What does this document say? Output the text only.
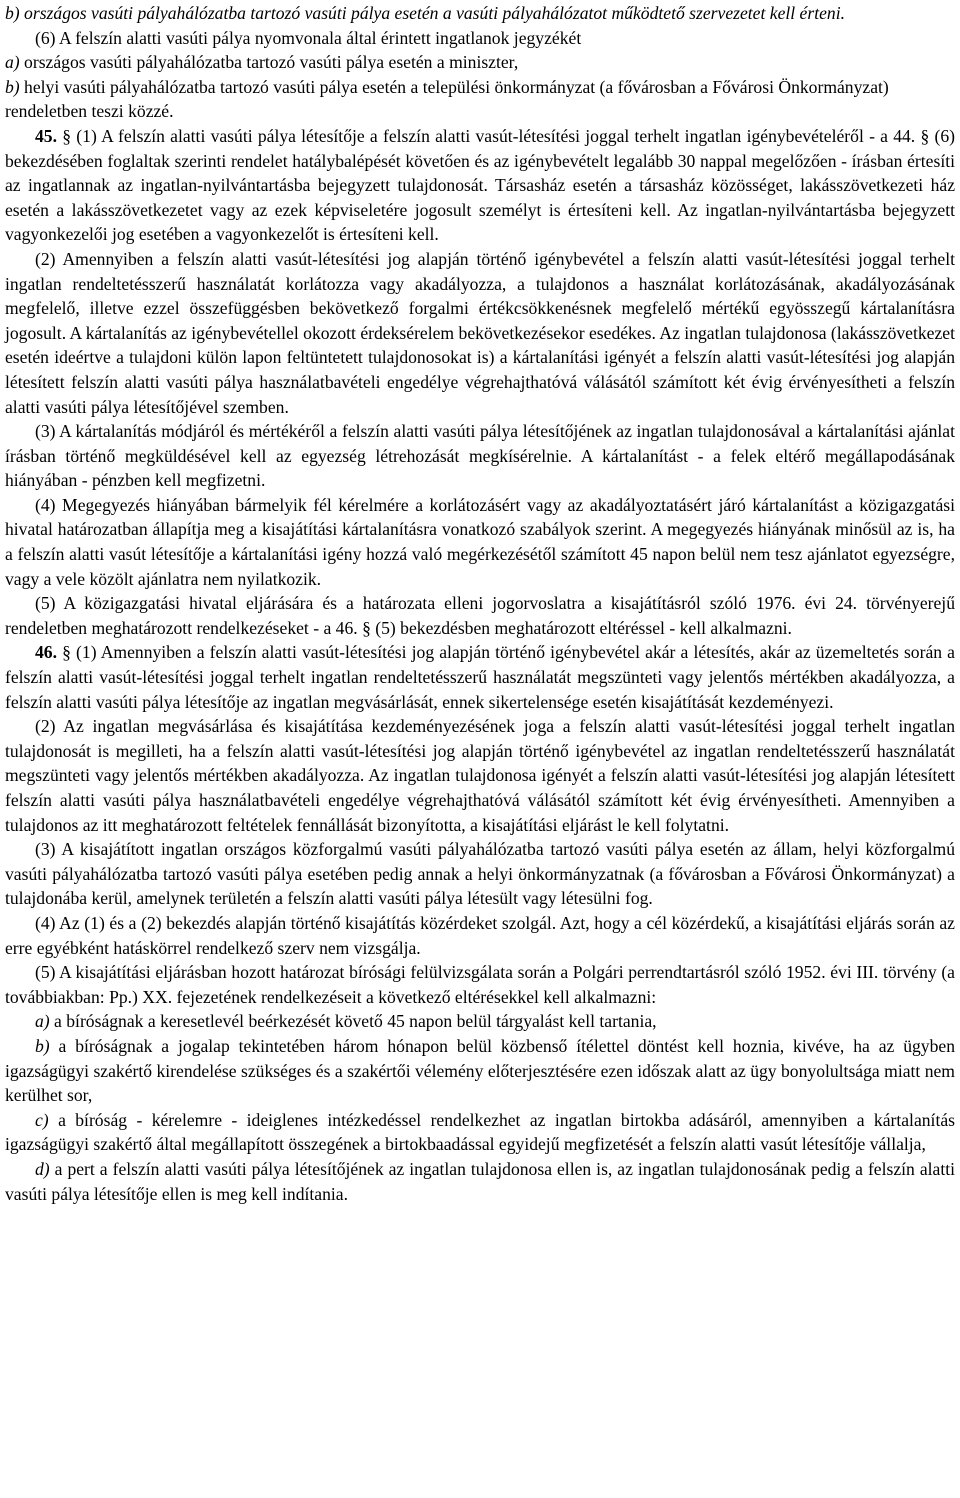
b) országos vasúti pályahálózatba tartozó vasúti pálya esetén a vasúti pályahálózatot működtető szervezetet kell érteni.

(6) A felszín alatti vasúti pálya nyomvonala által érintett ingatlanok jegyzékét

a) országos vasúti pályahálózatba tartozó vasúti pálya esetén a miniszter,

b) helyi vasúti pályahálózatba tartozó vasúti pálya esetén a települési önkormányzat (a fővárosban a Fővárosi Önkormányzat)

rendeletben teszi közzé.

45. § (1) A felszín alatti vasúti pálya létesítője a felszín alatti vasút-létesítési joggal terhelt ingatlan igénybevételéről - a 44. § (6) bekezdésében foglaltak szerinti rendelet hatálybalépését követően és az igénybevételt legalább 30 nappal megelőzően - írásban értesíti az ingatlannak az ingatlan-nyilvántartásba bejegyzett tulajdonosát. Társasház esetén a társasház közösséget, lakásszövetkezeti ház esetén a lakásszövetkezetet vagy az ezek képviseletére jogosult személyt is értesíteni kell. Az ingatlan-nyilvántartásba bejegyzett vagyonkezelői jog esetében a vagyonkezelőt is értesíteni kell.

(2) Amennyiben a felszín alatti vasút-létesítési jog alapján történő igénybevétel a felszín alatti vasút-létesítési joggal terhelt ingatlan rendeltetésszerű használatát korlátozza vagy akadályozza, a tulajdonos a használat korlátozásának, akadályozásának megfelelő, illetve ezzel összefüggésben bekövetkező forgalmi értékcsökkenésnek megfelelő mértékű egyösszegű kártalanításra jogosult. A kártalanítás az igénybevétellel okozott érdeksérelem bekövetkezésekor esedékes. Az ingatlan tulajdonosa (lakásszövetkezet esetén ideértve a tulajdoni külön lapon feltüntetett tulajdonosokat is) a kártalanítási igényét a felszín alatti vasút-létesítési jog alapján létesített felszín alatti vasúti pálya használatbavételi engedélye végrehajthatóvá válásától számított két évig érvényesítheti a felszín alatti vasúti pálya létesítőjével szemben.

(3) A kártalanítás módjáról és mértékéről a felszín alatti vasúti pálya létesítőjének az ingatlan tulajdonosával a kártalanítási ajánlat írásban történő megküldésével kell az egyezség létrehozását megkísérelnie. A kártalanítást - a felek eltérő megállapodásának hiányában - pénzben kell megfizetni.

(4) Megegyezés hiányában bármelyik fél kérelmére a korlátozásért vagy az akadályoztatásért járó kártalanítást a közigazgatási hivatal határozatban állapítja meg a kisajátítási kártalanításra vonatkozó szabályok szerint. A megegyezés hiányának minősül az is, ha a felszín alatti vasút létesítője a kártalanítási igény hozzá való megérkezésétől számított 45 napon belül nem tesz ajánlatot egyezségre, vagy a vele közölt ajánlatra nem nyilatkozik.

(5) A közigazgatási hivatal eljárására és a határozata elleni jogorvoslatra a kisajátításról szóló 1976. évi 24. törvényerejű rendeletben meghatározott rendelkezéseket - a 46. § (5) bekezdésben meghatározott eltéréssel - kell alkalmazni.

46. § (1) Amennyiben a felszín alatti vasút-létesítési jog alapján történő igénybevétel akár a létesítés, akár az üzemeltetés során a felszín alatti vasút-létesítési joggal terhelt ingatlan rendeltetésszerű használatát megszünteti vagy jelentős mértékben akadályozza, a felszín alatti vasúti pálya létesítője az ingatlan megvásárlását, ennek sikertelensége esetén kisajátítását kezdeményezi.

(2) Az ingatlan megvásárlása és kisajátítása kezdeményezésének joga a felszín alatti vasút-létesítési joggal terhelt ingatlan tulajdonosát is megilleti, ha a felszín alatti vasút-létesítési jog alapján történő igénybevétel az ingatlan rendeltetésszerű használatát megszünteti vagy jelentős mértékben akadályozza. Az ingatlan tulajdonosa igényét a felszín alatti vasút-létesítési jog alapján létesített felszín alatti vasúti pálya használatbavételi engedélye végrehajthatóvá válásától számított két évig érvényesítheti. Amennyiben a tulajdonos az itt meghatározott feltételek fennállását bizonyította, a kisajátítási eljárást le kell folytatni.

(3) A kisajátított ingatlan országos közforgalmú vasúti pályahálózatba tartozó vasúti pálya esetén az állam, helyi közforgalmú vasúti pályahálózatba tartozó vasúti pálya esetében pedig annak a helyi önkormányzatnak (a fővárosban a Fővárosi Önkormányzat) a tulajdonába kerül, amelynek területén a felszín alatti vasúti pálya létesült vagy létesülni fog.

(4) Az (1) és a (2) bekezdés alapján történő kisajátítás közérdeket szolgál. Azt, hogy a cél közérdekű, a kisajátítási eljárás során az erre egyébként hatáskörrel rendelkező szerv nem vizsgálja.

(5) A kisajátítási eljárásban hozott határozat bírósági felülvizsgálata során a Polgári perrendtartásról szóló 1952. évi III. törvény (a továbbiakban: Pp.) XX. fejezetének rendelkezéseit a következő eltérésekkel kell alkalmazni:

a) a bíróságnak a keresetlevél beérkezését követő 45 napon belül tárgyalást kell tartania,

b) a bíróságnak a jogalap tekintetében három hónapon belül közbenső ítélettel döntést kell hoznia, kivéve, ha az ügyben igazságügyi szakértő kirendelése szükséges és a szakértői vélemény előterjesztésére ezen időszak alatt az ügy bonyolultsága miatt nem kerülhet sor,

c) a bíróság - kérelemre - ideiglenes intézkedéssel rendelkezhet az ingatlan birtokba adásáról, amennyiben a kártalanítás igazságügyi szakértő által megállapított összegének a birtokbaadással egyidejű megfizetését a felszín alatti vasút létesítője vállalja,

d) a pert a felszín alatti vasúti pálya létesítőjének az ingatlan tulajdonosa ellen is, az ingatlan tulajdonosának pedig a felszín alatti vasúti pálya létesítője ellen is meg kell indítania.
